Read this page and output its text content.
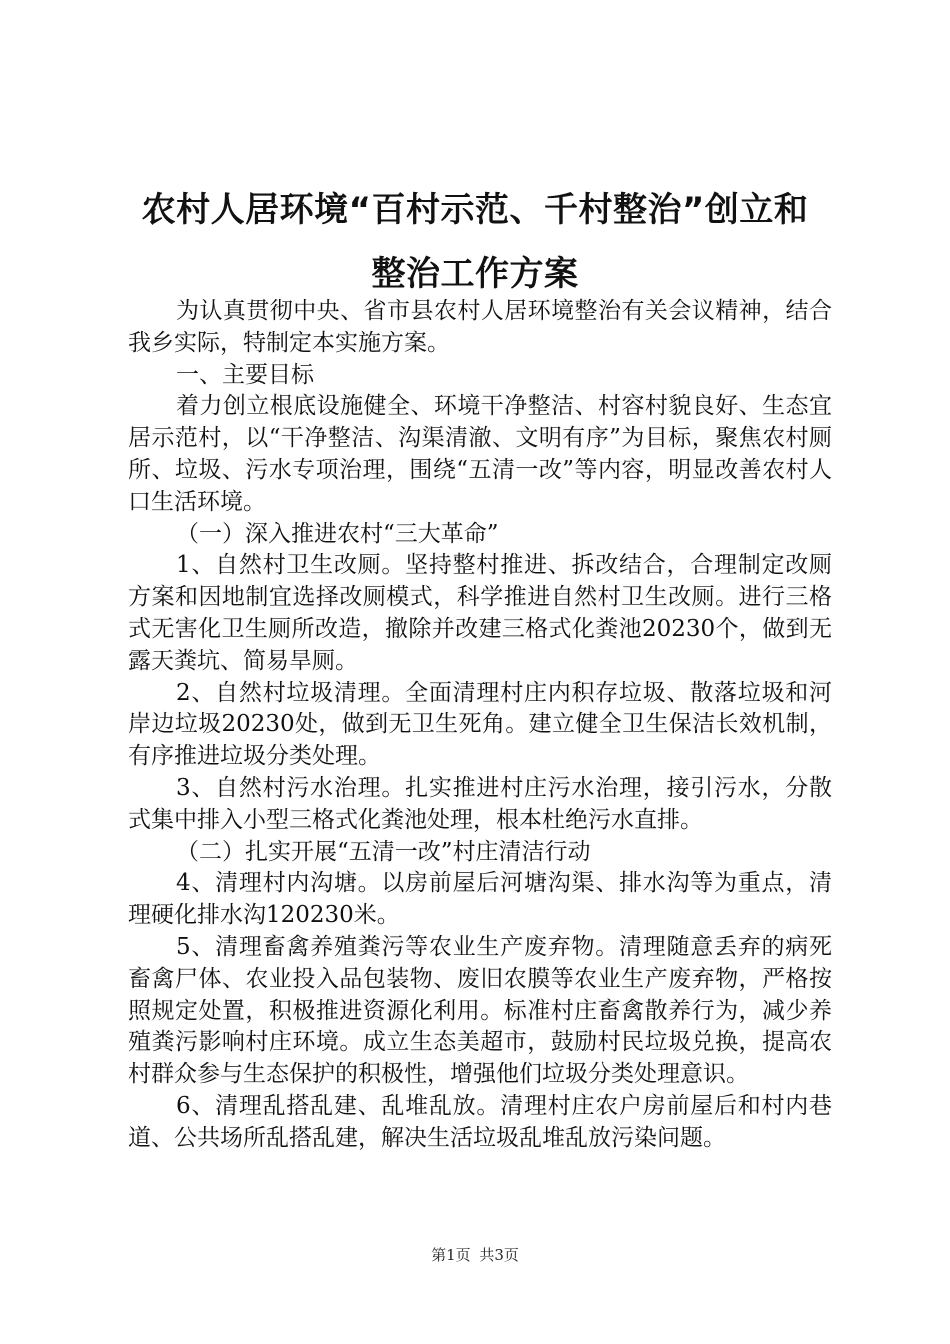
农村人居环境“百村示范、千村整治”创立和
整治工作方案

为认真贯彻中央、省市县农村人居环境整治有关会议精神，结合我乡实际，特制定本实施方案。

一、主要目标

着力创立根底设施健全、环境干净整洁、村容村貌良好、生态宜居示范村，以“干净整洁、沟渠清澈、文明有序”为目标，聚焦农村厕所、垃圾、污水专项治理，围绕“五清一改”等内容，明显改善农村人口生活环境。

（一）深入推进农村“三大革命”

1、自然村卫生改厕。坚持整村推进、拆改结合，合理制定改厕方案和因地制宜选择改厕模式，科学推进自然村卫生改厕。进行三格式无害化卫生厕所改造，撤除并改建三格式化粪池20230个，做到无露天粪坑、简易旱厕。

2、自然村垃圾清理。全面清理村庄内积存垃圾、散落垃圾和河岸边垃圾20230处，做到无卫生死角。建立健全卫生保洁长效机制，有序推进垃圾分类处理。

3、自然村污水治理。扎实推进村庄污水治理，接引污水，分散式集中排入小型三格式化粪池处理，根本杜绝污水直排。

（二）扎实开展“五清一改”村庄清洁行动

4、清理村内沟塘。以房前屋后河塘沟渠、排水沟等为重点，清理硬化排水沟120230米。

5、清理畜禽养殖粪污等农业生产废弃物。清理随意丢弃的病死畜禽尸体、农业投入品包装物、废旧农膜等农业生产废弃物，严格按照规定处置，积极推进资源化利用。标准村庄畜禽散养行为，减少养殖粪污影响村庄环境。成立生态美超市，鼓励村民垃圾兑换，提高农村群众参与生态保护的积极性，增强他们垃圾分类处理意识。

6、清理乱搭乱建、乱堆乱放。清理村庄农户房前屋后和村内巷道、公共场所乱搭乱建，解决生活垃圾乱堆乱放污染问题。

第1页 共3页
